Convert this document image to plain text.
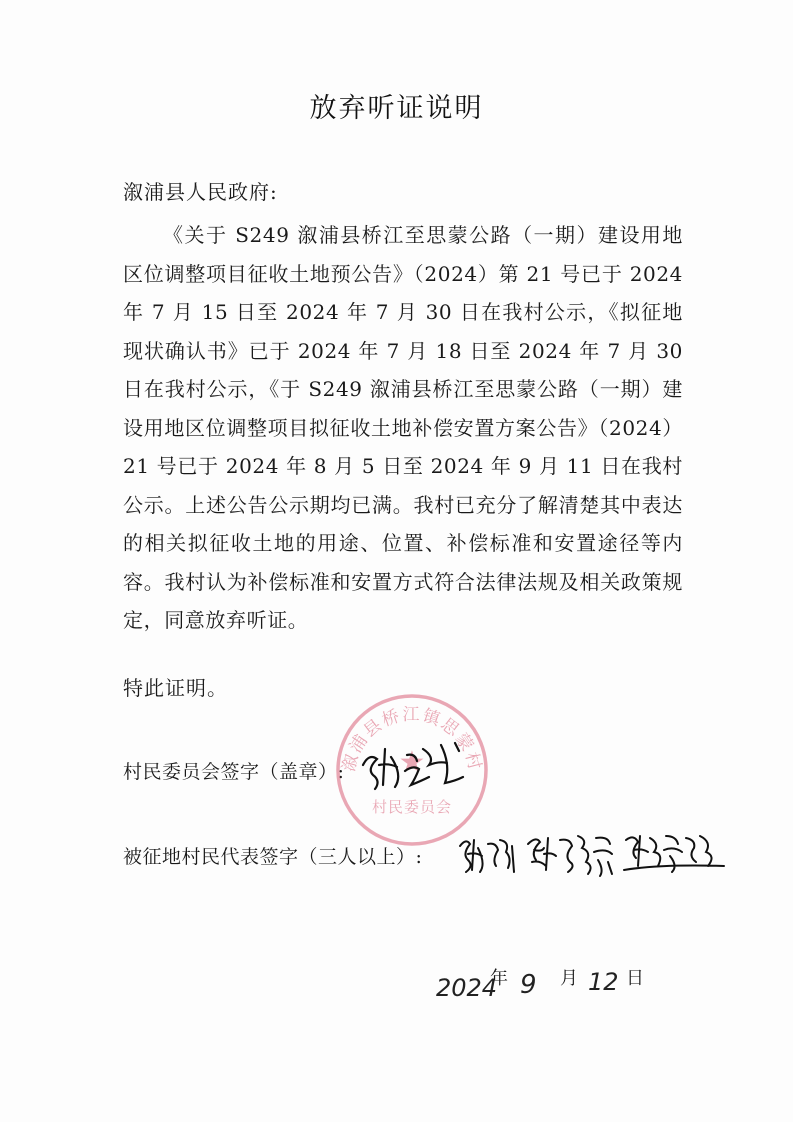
放弃听证说明
溆浦县人民政府:
《关于 S249 溆浦县桥江至思蒙公路（一期）建设用地区位调整项目征收土地预公告》（2024）第 21 号已于 2024年 7 月 15 日至 2024 年 7 月 30 日在我村公示，《拟征地现状确认书》已于 2024 年 7 月 18 日至 2024 年 7 月 30 日在我村公示，《于 S249 溆浦县桥江至思蒙公路（一期）建设用地区位调整项目拟征收土地补偿安置方案公告》（2024）21 号已于 2024 年 8 月 5 日至 2024 年 9 月 11 日在我村公示。上述公告公示期均已满。我村已充分了解清楚其中表达的相关拟征收土地的用途、位置、补偿标准和安置途径等内容。我村认为补偿标准和安置方式符合法律法规及相关政策规定，同意放弃听证。
特此证明。
村民委员会签字（盖章）:
溆浦县桥江镇思蒙村
★
村民委员会
被征地村民代表签字（三人以上）:
2024
年 9 月 12 日
